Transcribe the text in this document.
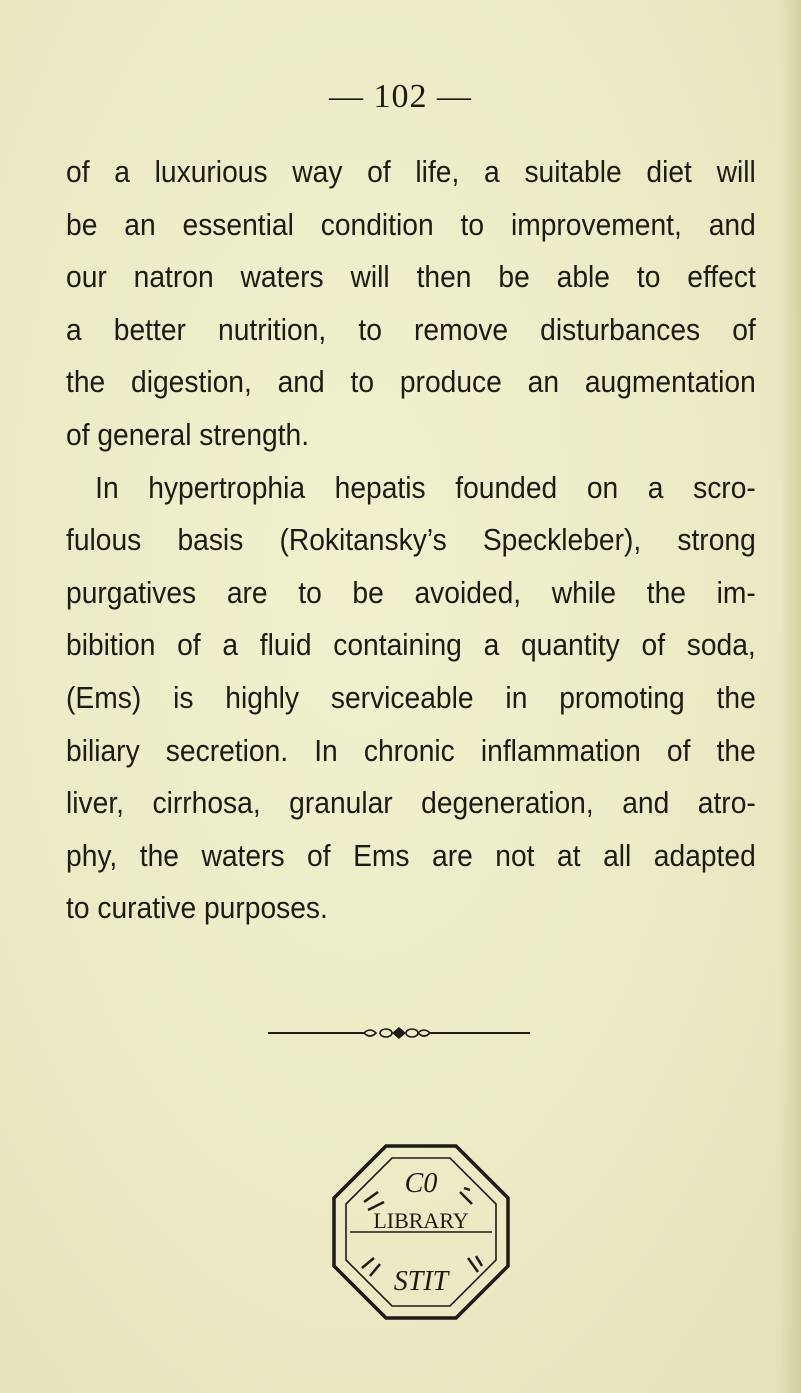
— 102 —
of a luxurious way of life, a suitable diet will
be an essential condition to improvement, and
our natron waters will then be able to effect
a better nutrition, to remove disturbances of
the digestion, and to produce an augmentation
of general strength.
In hypertrophia hepatis founded on a scro-
fulous basis (Rokitansky’s Speckleber), strong
purgatives are to be avoided, while the im-
bibition of a fluid containing a quantity of soda,
(Ems) is highly serviceable in promoting the
biliary secretion. In chronic inflammation of the
liver, cirrhosa, granular degeneration, and atro-
phy, the waters of Ems are not at all adapted
to curative purposes.
C0
LIBRARY
STIT
